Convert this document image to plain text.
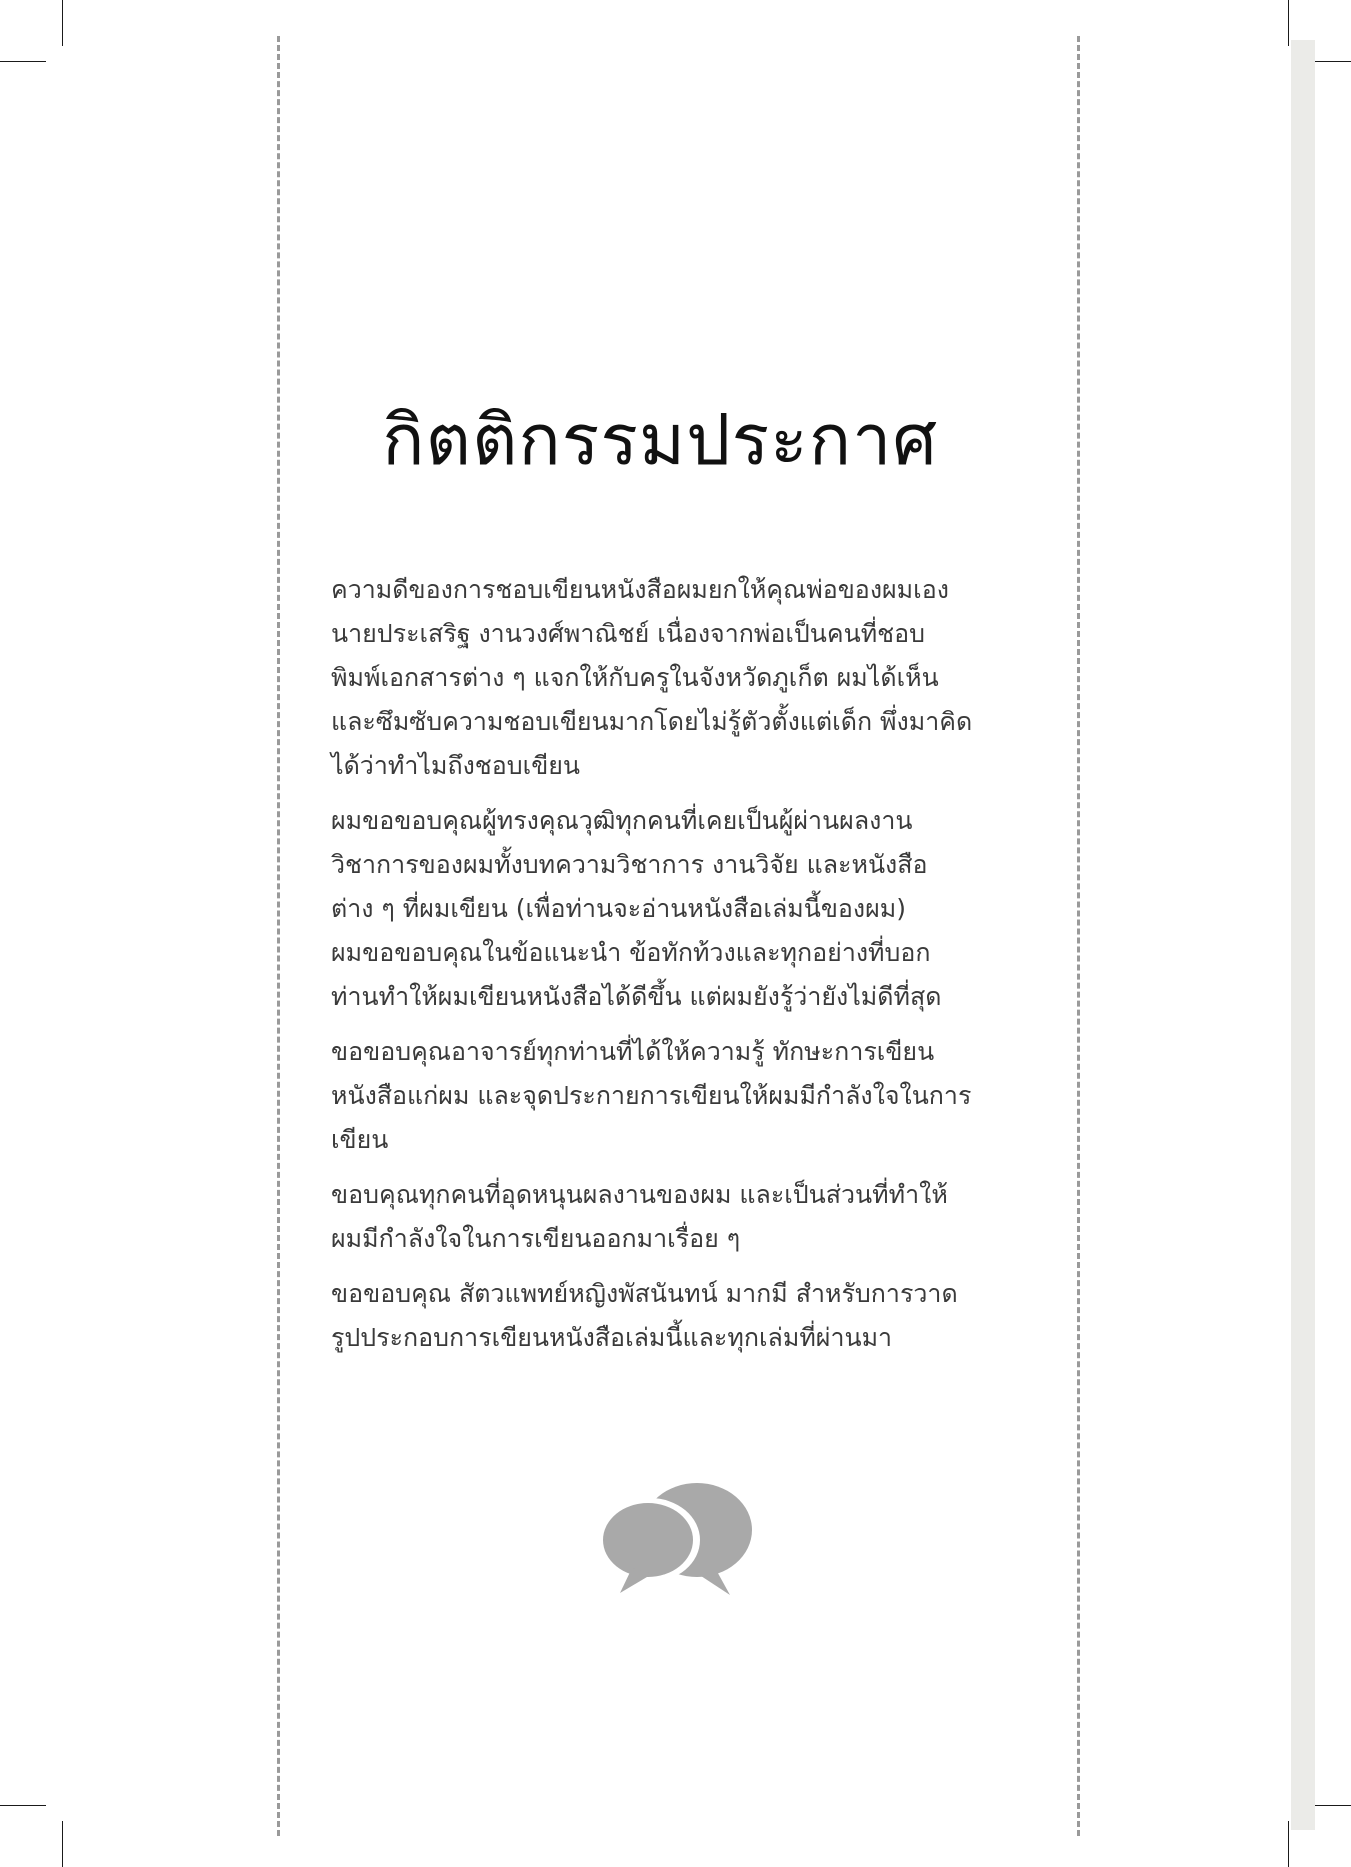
กิตติกรรมประกาศ

ความดีของการชอบเขียนหนังสือผมยกให้คุณพ่อของผมเอง
นายประเสริฐ งานวงศ์พาณิชย์ เนื่องจากพ่อเป็นคนที่ชอบ
พิมพ์เอกสารต่าง ๆ แจกให้กับครูในจังหวัดภูเก็ต ผมได้เห็น
และซึมซับความชอบเขียนมากโดยไม่รู้ตัวตั้งแต่เด็ก พึ่งมาคิด
ได้ว่าทำไมถึงชอบเขียน

ผมขอขอบคุณผู้ทรงคุณวุฒิทุกคนที่เคยเป็นผู้ผ่านผลงาน
วิชาการของผมทั้งบทความวิชาการ งานวิจัย และหนังสือ
ต่าง ๆ ที่ผมเขียน (เพื่อท่านจะอ่านหนังสือเล่มนี้ของผม)
ผมขอขอบคุณในข้อแนะนำ ข้อทักท้วงและทุกอย่างที่บอก
ท่านทำให้ผมเขียนหนังสือได้ดีขึ้น แต่ผมยังรู้ว่ายังไม่ดีที่สุด

ขอขอบคุณอาจารย์ทุกท่านที่ได้ให้ความรู้ ทักษะการเขียน
หนังสือแก่ผม และจุดประกายการเขียนให้ผมมีกำลังใจในการ
เขียน

ขอบคุณทุกคนที่อุดหนุนผลงานของผม และเป็นส่วนที่ทำให้
ผมมีกำลังใจในการเขียนออกมาเรื่อย ๆ

ขอขอบคุณ สัตวแพทย์หญิงพัสนันทน์ มากมี สำหรับการวาด
รูปประกอบการเขียนหนังสือเล่มนี้และทุกเล่มที่ผ่านมา
